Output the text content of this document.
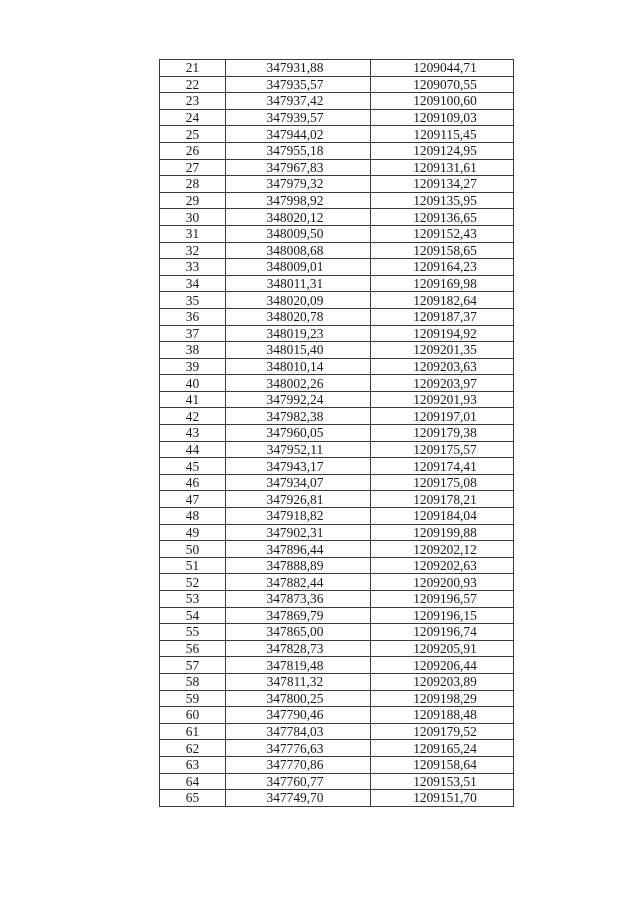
21	347931,88	1209044,71
22	347935,57	1209070,55
23	347937,42	1209100,60
24	347939,57	1209109,03
25	347944,02	1209115,45
26	347955,18	1209124,95
27	347967,83	1209131,61
28	347979,32	1209134,27
29	347998,92	1209135,95
30	348020,12	1209136,65
31	348009,50	1209152,43
32	348008,68	1209158,65
33	348009,01	1209164,23
34	348011,31	1209169,98
35	348020,09	1209182,64
36	348020,78	1209187,37
37	348019,23	1209194,92
38	348015,40	1209201,35
39	348010,14	1209203,63
40	348002,26	1209203,97
41	347992,24	1209201,93
42	347982,38	1209197,01
43	347960,05	1209179,38
44	347952,11	1209175,57
45	347943,17	1209174,41
46	347934,07	1209175,08
47	347926,81	1209178,21
48	347918,82	1209184,04
49	347902,31	1209199,88
50	347896,44	1209202,12
51	347888,89	1209202,63
52	347882,44	1209200,93
53	347873,36	1209196,57
54	347869,79	1209196,15
55	347865,00	1209196,74
56	347828,73	1209205,91
57	347819,48	1209206,44
58	347811,32	1209203,89
59	347800,25	1209198,29
60	347790,46	1209188,48
61	347784,03	1209179,52
62	347776,63	1209165,24
63	347770,86	1209158,64
64	347760,77	1209153,51
65	347749,70	1209151,70
